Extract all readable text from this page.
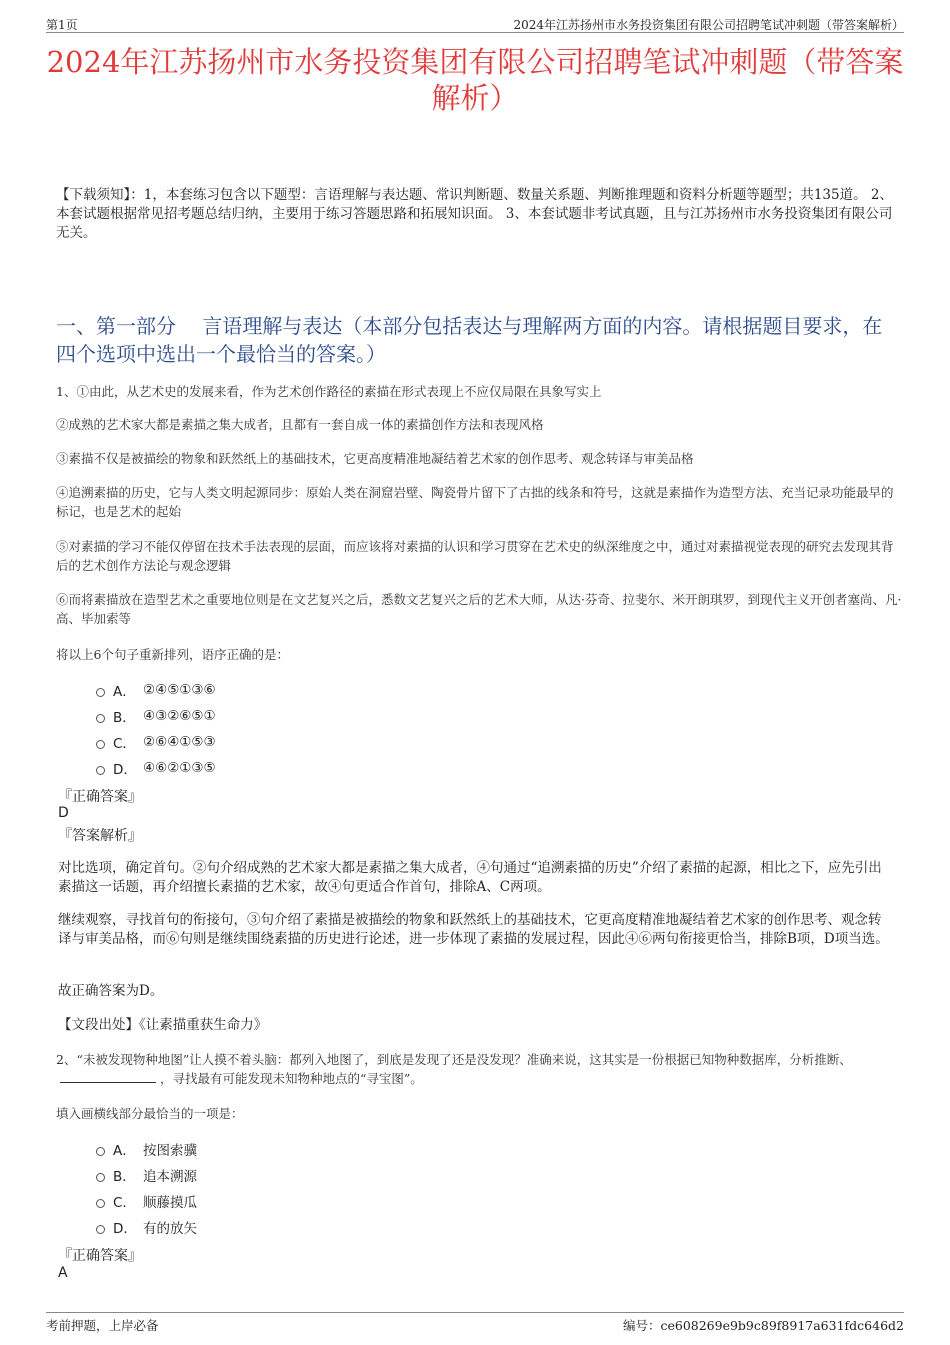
第1页	2024年江苏扬州市水务投资集团有限公司招聘笔试冲刺题（带答案解析）
2024年江苏扬州市水务投资集团有限公司招聘笔试冲刺题（带答案解析）
【下载须知】：1，本套练习包含以下题型：言语理解与表达题、常识判断题、数量关系题、判断推理题和资料分析题等题型；共135道。 2、本套试题根据常见招考题总结归纳，主要用于练习答题思路和拓展知识面。 3、本套试题非考试真题，且与江苏扬州市水务投资集团有限公司无关。
一、第一部分　 言语理解与表达（本部分包括表达与理解两方面的内容。请根据题目要求，在四个选项中选出一个最恰当的答案。）
1、①由此，从艺术史的发展来看，作为艺术创作路径的素描在形式表现上不应仅局限在具象写实上
②成熟的艺术家大都是素描之集大成者，且都有一套自成一体的素描创作方法和表现风格
③素描不仅是被描绘的物象和跃然纸上的基础技术，它更高度精准地凝结着艺术家的创作思考、观念转译与审美品格
④追溯素描的历史，它与人类文明起源同步：原始人类在洞窟岩壁、陶瓷骨片留下了古拙的线条和符号，这就是素描作为造型方法、充当记录功能最早的标记，也是艺术的起始
⑤对素描的学习不能仅停留在技术手法表现的层面，而应该将对素描的认识和学习贯穿在艺术史的纵深维度之中，通过对素描视觉表现的研究去发现其背后的艺术创作方法论与观念逻辑
⑥而将素描放在造型艺术之重要地位则是在文艺复兴之后，悉数文艺复兴之后的艺术大师，从达·芬奇、拉斐尔、米开朗琪罗，到现代主义开创者塞尚、凡·高、毕加索等
将以上6个句子重新排列，语序正确的是：
A． ②④⑤①③⑥
B． ④③②⑥⑤①
C． ②⑥④①⑤③
D． ④⑥②①③⑤
『正确答案』
D
『答案解析』
对比选项，确定首句。②句介绍成熟的艺术家大都是素描之集大成者，④句通过“追溯素描的历史”介绍了素描的起源，相比之下，应先引出素描这一话题，再介绍擅长素描的艺术家，故④句更适合作首句，排除A、C两项。
继续观察，寻找首句的衔接句，③句介绍了素描是被描绘的物象和跃然纸上的基础技术，它更高度精准地凝结着艺术家的创作思考、观念转译与审美品格，而⑥句则是继续围绕素描的历史进行论述，进一步体现了素描的发展过程，因此④⑥两句衔接更恰当，排除B项，D项当选。
故正确答案为D。
【文段出处】《让素描重获生命力》
2、“未被发现物种地图”让人摸不着头脑：都列入地图了，到底是发现了还是没发现？准确来说，这其实是一份根据已知物种数据库，分析推断、，寻找最有可能发现未知物种地点的“寻宝图”。
填入画横线部分最恰当的一项是：
A． 按图索骥
B． 追本溯源
C． 顺藤摸瓜
D． 有的放矢
『正确答案』
A
考前押题，上岸必备	编号：ce608269e9b9c89f8917a631fdc646d2
